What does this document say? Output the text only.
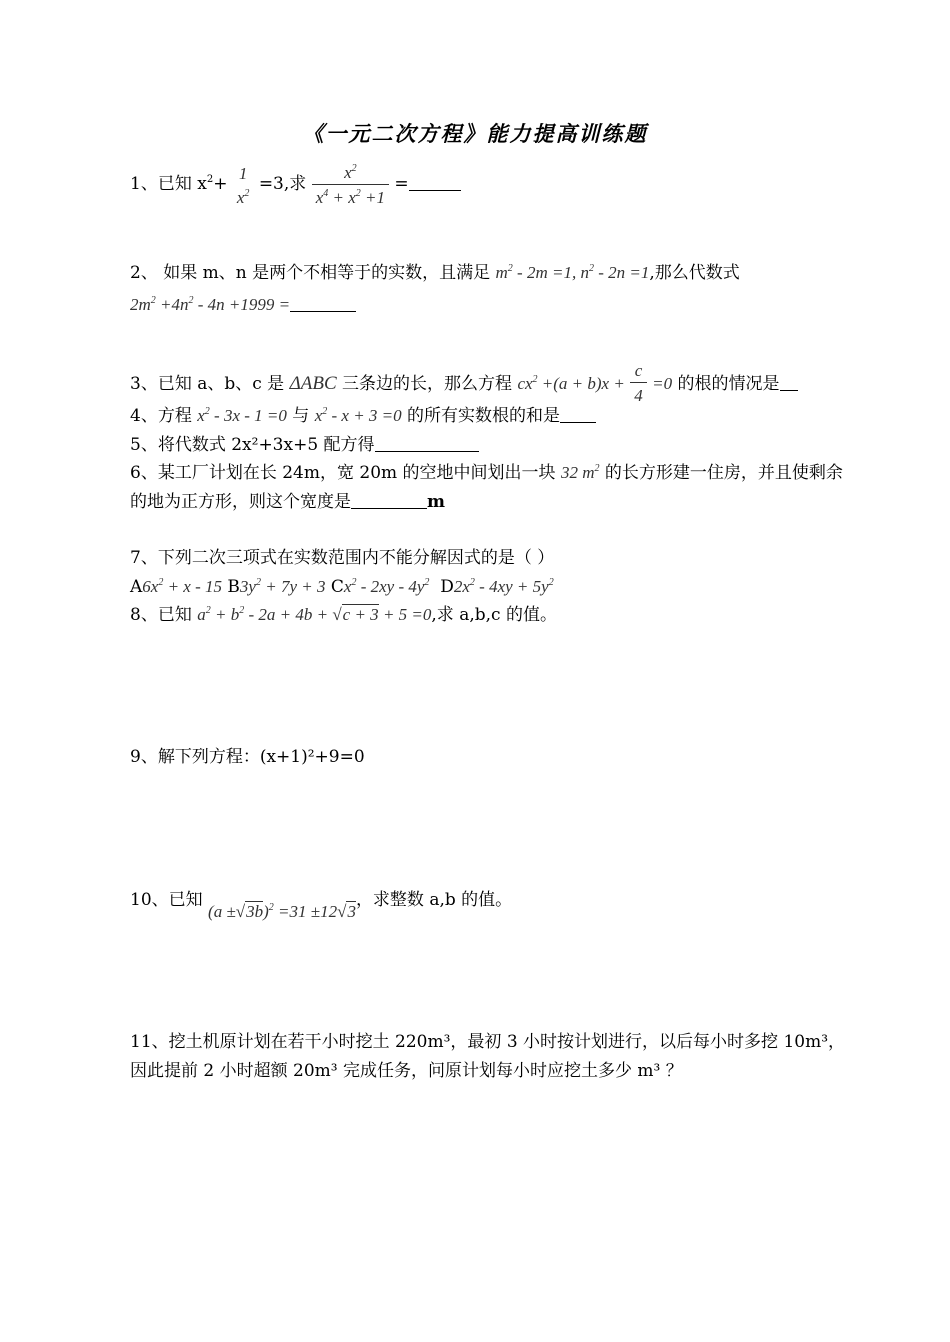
《一元二次方程》能力提高训练题
1、已知 $x^2+$
1
$x^2 =3$,求 $\frac{x^2}{x^4 + x^2 +1}$ =
2、 如果 m、n 是两个不相等于的实数，且满足 $m^2 - 2m =1$, $n^2 - 2n =1$,那么代数式
$2m^2 +4n^2 - 4n +1999$ =
3、已知 a、b、c 是 ΔABC 三条边的长，那么方程 $cx^2 +(a + b)x + \frac{c}{4} =0$ 的根的情况是
4、方程 $x^2 - 3x - 1 =0$ 与 $x^2 - x + 3 =0$ 的所有实数根的和是
5、将代数式 2x²+3x+5 配方得
6、某工厂计划在长 24m，宽 20m 的空地中间划出一块 32 $m^2$ 的长方形建一住房，并且使剩余
的地为正方形，则这个宽度是	m
7、下列二次三项式在实数范围内不能分解因式的是（ ）
$A6x^2 + x - 15$ $B3y^2 + 7y + 3$ $Cx^2 - 2xy - 4y^2$ $D2x^2 - 4xy + 5y^2$
8、已知 $a^2 + b^2 - 2a + 4b + √c + 3 + 5 =0$,求 a,b,c 的值。
9、解下列方程：(x+1)²+9=0
10、已知 $(a \pm√3b)^2 =31 \pm 12√3$，求整数 a,b 的值。
11、挖土机原计划在若干小时挖土 220m³，最初 3 小时按计划进行，以后每小时多挖 10m³，
因此提前 2 小时超额 20m³ 完成任务，问原计划每小时应挖土多少 m³ ？
